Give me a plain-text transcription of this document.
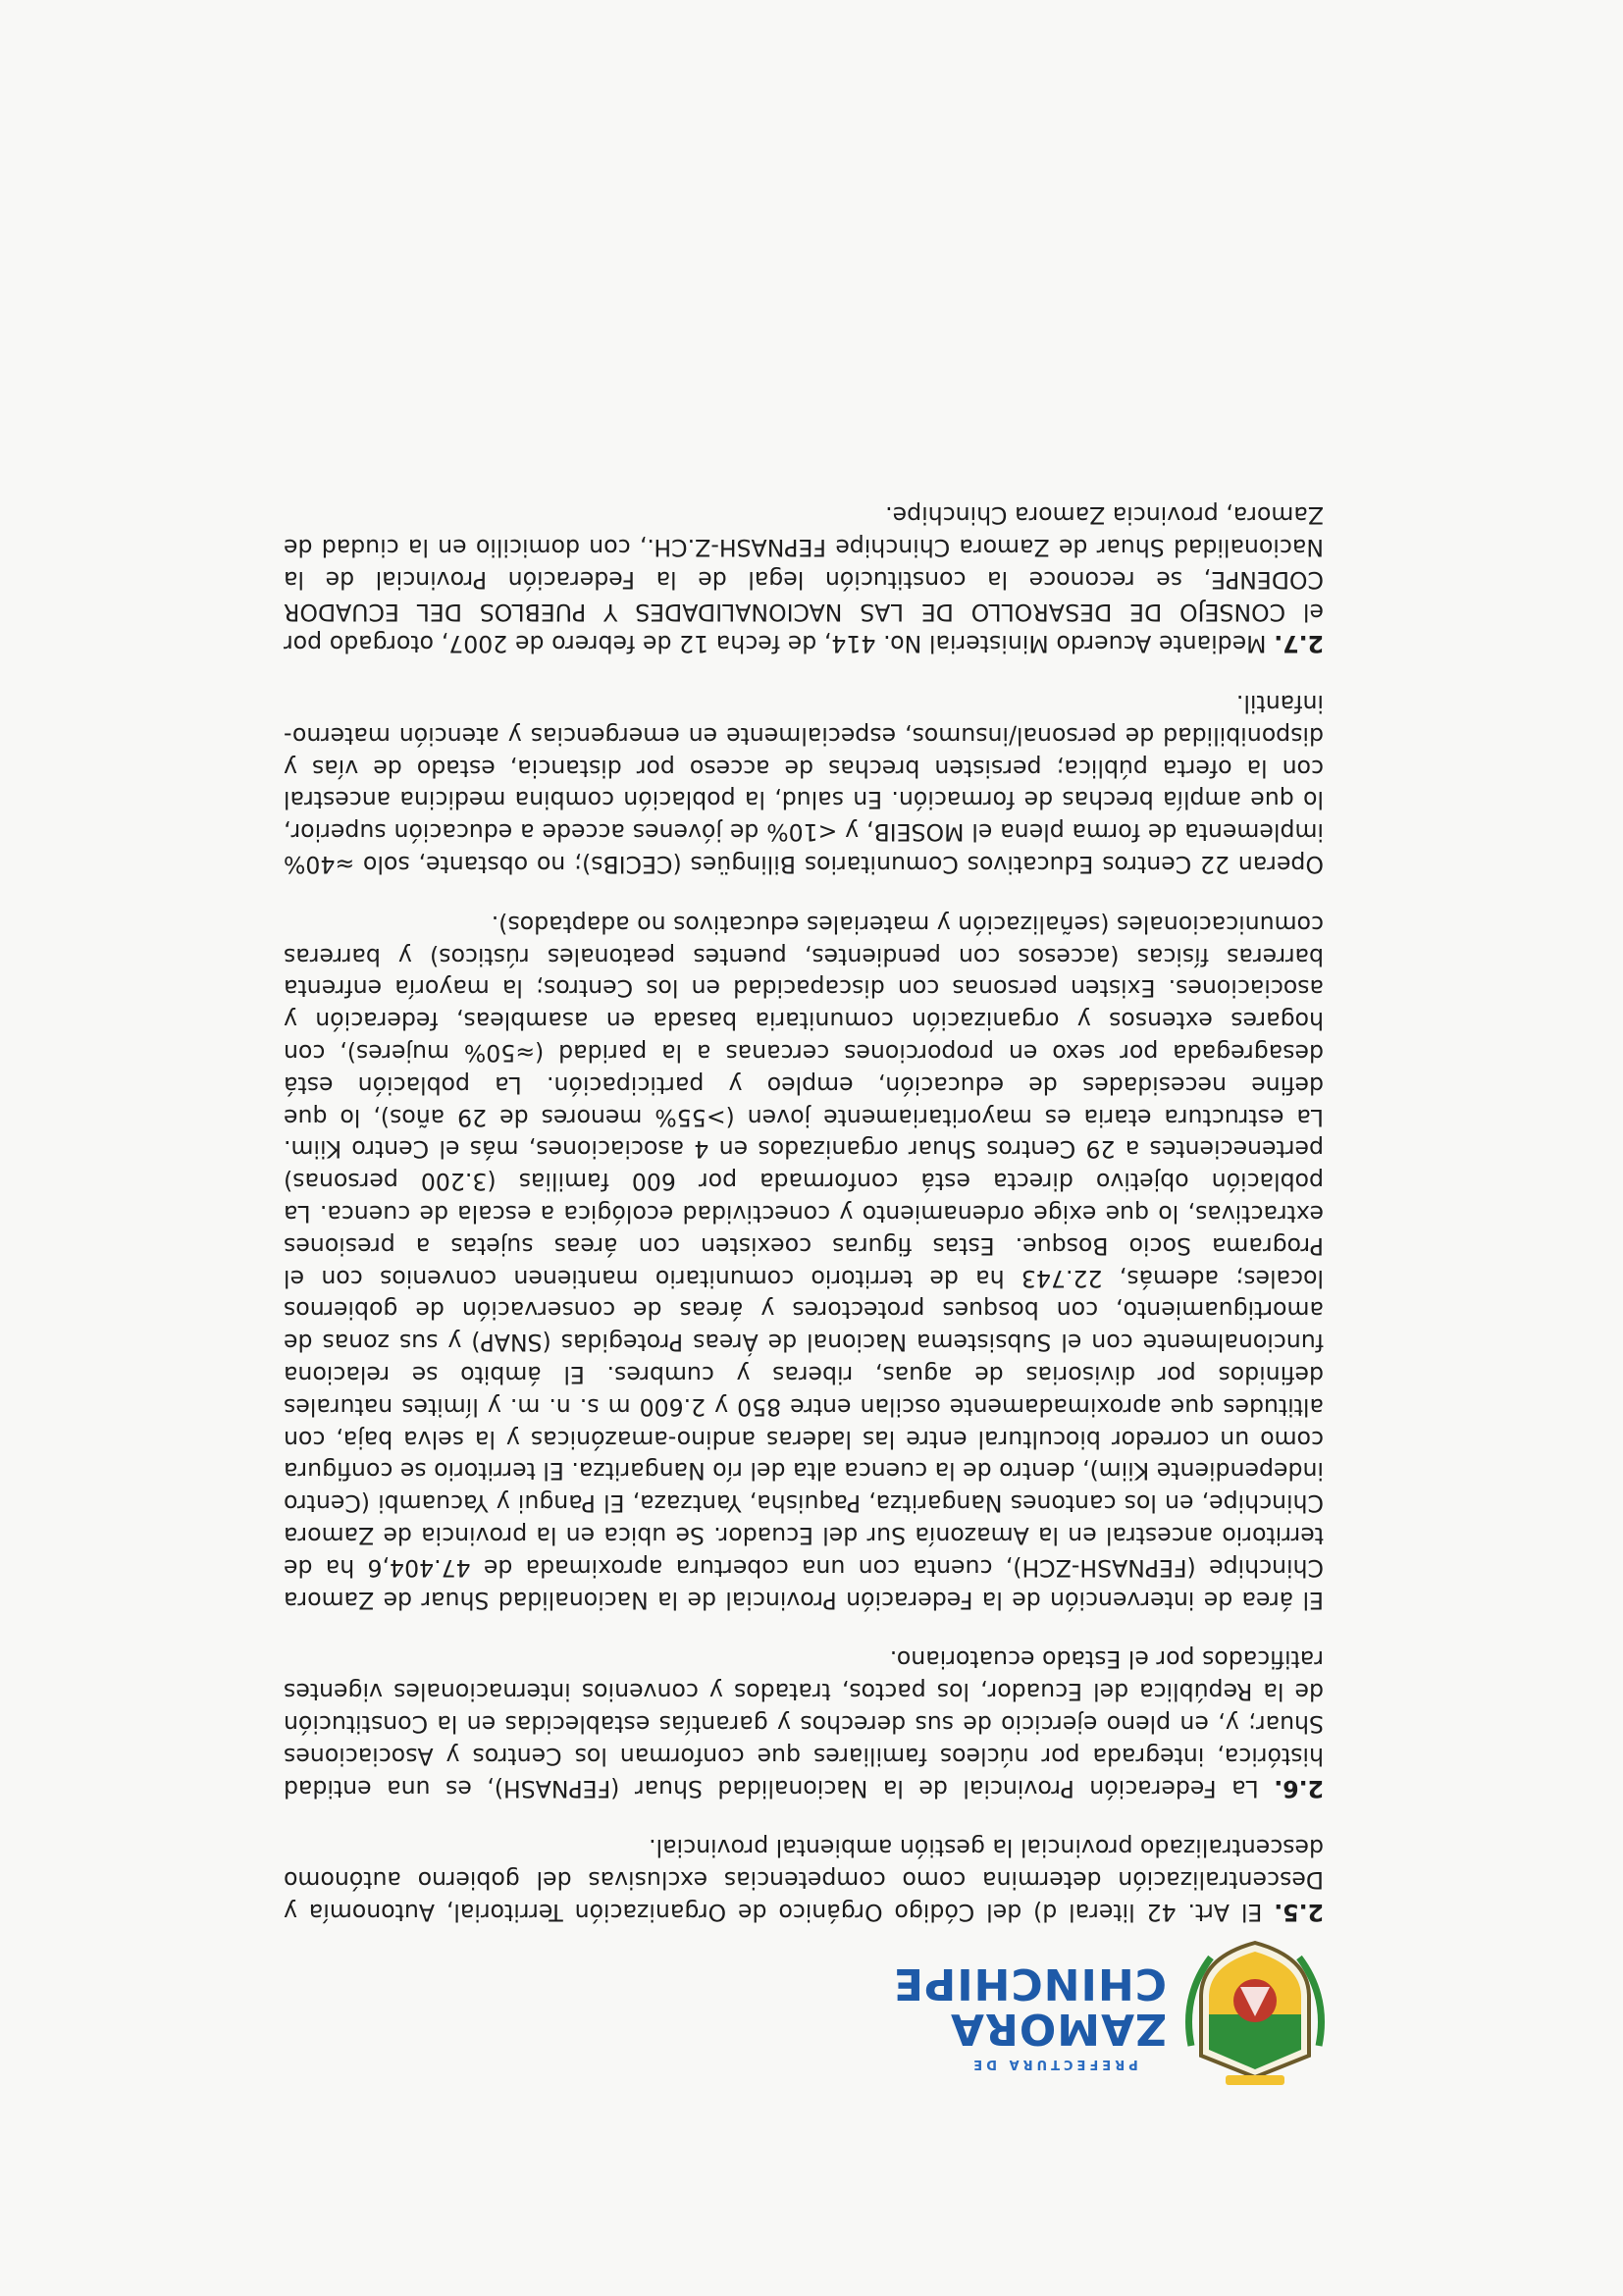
PREFECTURA DE
ZAMORA
CHINCHIPE

2.5. El Art. 42 literal d) del Código Orgánico de Organización Territorial, Autonomía y Descentralización determina como competencias exclusivas del gobierno autónomo descentralizado provincial la gestión ambiental provincial.

2.6. La Federación Provincial de la Nacionalidad Shuar (FEPNASH), es una entidad histórica, integrada por núcleos familiares que conforman los Centros y Asociaciones Shuar; y, en pleno ejercicio de sus derechos y garantías establecidas en la Constitución de la República del Ecuador, los pactos, tratados y convenios internacionales vigentes ratificados por el Estado ecuatoriano.

El área de intervención de la Federación Provincial de la Nacionalidad Shuar de Zamora Chinchipe (FEPNASH-ZCH), cuenta con una cobertura aproximada de 47.404,6 ha de territorio ancestral en la Amazonía Sur del Ecuador. Se ubica en la provincia de Zamora Chinchipe, en los cantones Nangaritza, Paquisha, Yantzaza, El Pangui y Yacuambi (Centro independiente Kiim), dentro de la cuenca alta del río Nangaritza. El territorio se configura como un corredor biocultural entre las laderas andino-amazónicas y la selva baja, con altitudes que aproximadamente oscilan entre 850 y 2.600 m s. n. m. y límites naturales definidos por divisorias de aguas, riberas y cumbres. El ámbito se relaciona funcionalmente con el Subsistema Nacional de Áreas Protegidas (SNAP) y sus zonas de amortiguamiento, con bosques protectores y áreas de conservación de gobiernos locales; además, 22.743 ha de territorio comunitario mantienen convenios con el Programa Socio Bosque. Estas figuras coexisten con áreas sujetas a presiones extractivas, lo que exige ordenamiento y conectividad ecológica a escala de cuenca. La población objetivo directa está conformada por 600 familias (3.200 personas) pertenecientes a 29 Centros Shuar organizados en 4 asociaciones, más el Centro Kiim. La estructura etaria es mayoritariamente joven (>55% menores de 29 años), lo que define necesidades de educación, empleo y participación. La población está desagregada por sexo en proporciones cercanas a la paridad (≈50% mujeres), con hogares extensos y organización comunitaria basada en asambleas, federación y asociaciones. Existen personas con discapacidad en los Centros; la mayoría enfrenta barreras físicas (accesos con pendientes, puentes peatonales rústicos) y barreras comunicacionales (señalización y materiales educativos no adaptados).

Operan 22 Centros Educativos Comunitarios Bilingües (CECIBs); no obstante, solo ≈40% implementa de forma plena el MOSEIB, y <10% de jóvenes accede a educación superior, lo que amplía brechas de formación. En salud, la población combina medicina ancestral con la oferta pública; persisten brechas de acceso por distancia, estado de vías y disponibilidad de personal/insumos, especialmente en emergencias y atención materno-infantil.

2.7. Mediante Acuerdo Ministerial No. 414, de fecha 12 de febrero de 2007, otorgado por el CONSEJO DE DESAROLLO DE LAS NACIONALIDADES Y PUEBLOS DEL ECUADOR CODENPE, se reconoce la constitución legal de la Federación Provincial de la Nacionalidad Shuar de Zamora Chinchipe FEPNASH-Z.CH., con domicilio en la ciudad de Zamora, provincia Zamora Chinchipe.
